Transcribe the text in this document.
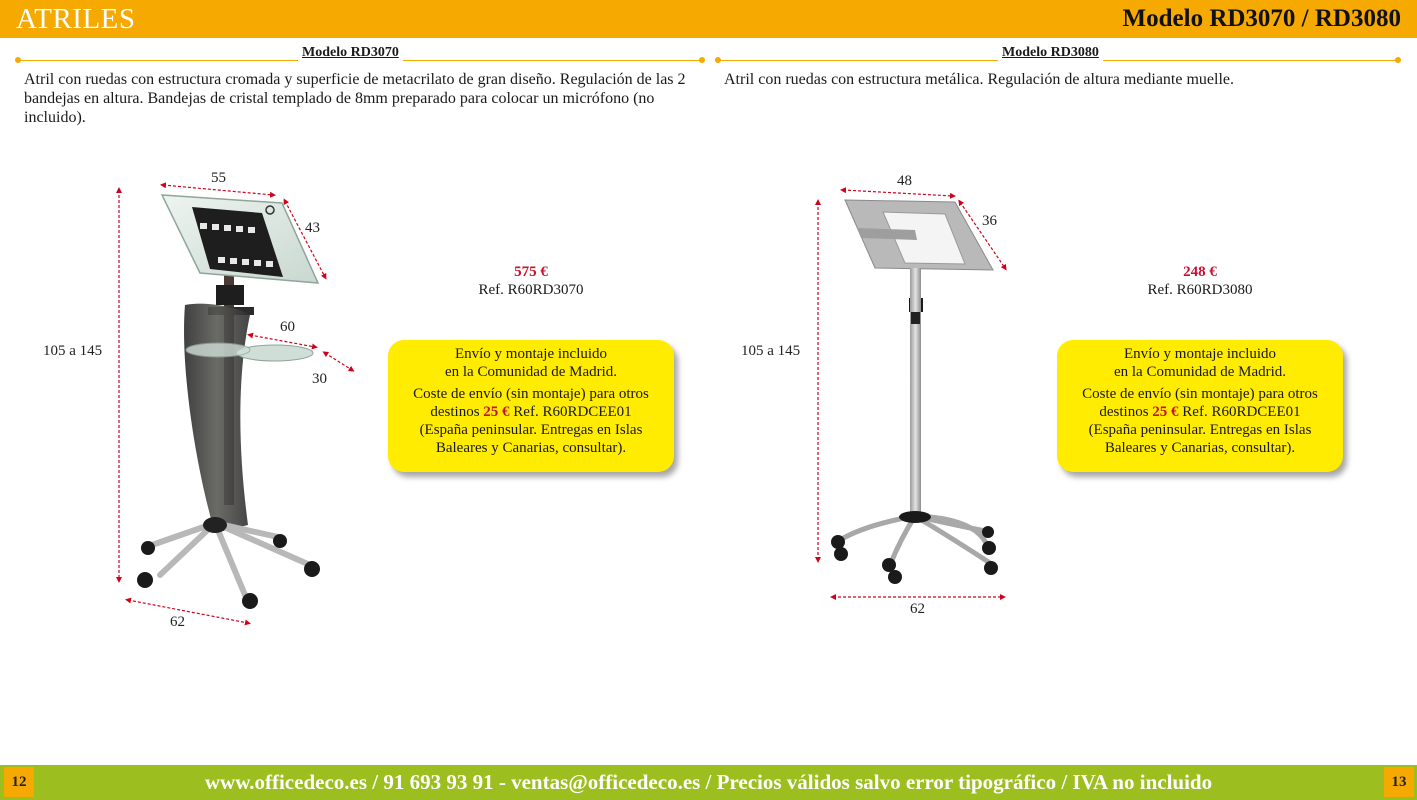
ATRILES	Modelo RD3070 / RD3080
Modelo RD3070	Modelo RD3080
Atril con ruedas con estructura cromada y superficie de metacrilato de gran diseño. Regulación de las 2 bandejas en altura. Bandejas de cristal templado de 8mm preparado para colocar un micrófono (no incluido).
Atril con ruedas con estructura metálica. Regulación de altura mediante muelle.
55
43
105 a 145
60
30
62
575 €
Ref. R60RD3070

Envío y montaje incluido

en la Comunidad de Madrid.

Coste de envío (sin montaje) para otros

destinos 25 € Ref. R60RDCEE01

(España peninsular. Entregas en Islas

Baleares y Canarias, consultar).

48
36
105 a 145
62
248 €
Ref. R60RD3080

Envío y montaje incluido

en la Comunidad de Madrid.

Coste de envío (sin montaje) para otros

destinos 25 € Ref. R60RDCEE01

(España peninsular. Entregas en Islas

Baleares y Canarias, consultar).

www.officedeco.es / 91 693 93 91 - ventas@officedeco.es / Precios válidos salvo error tipográfico / IVA no incluido
12	13
